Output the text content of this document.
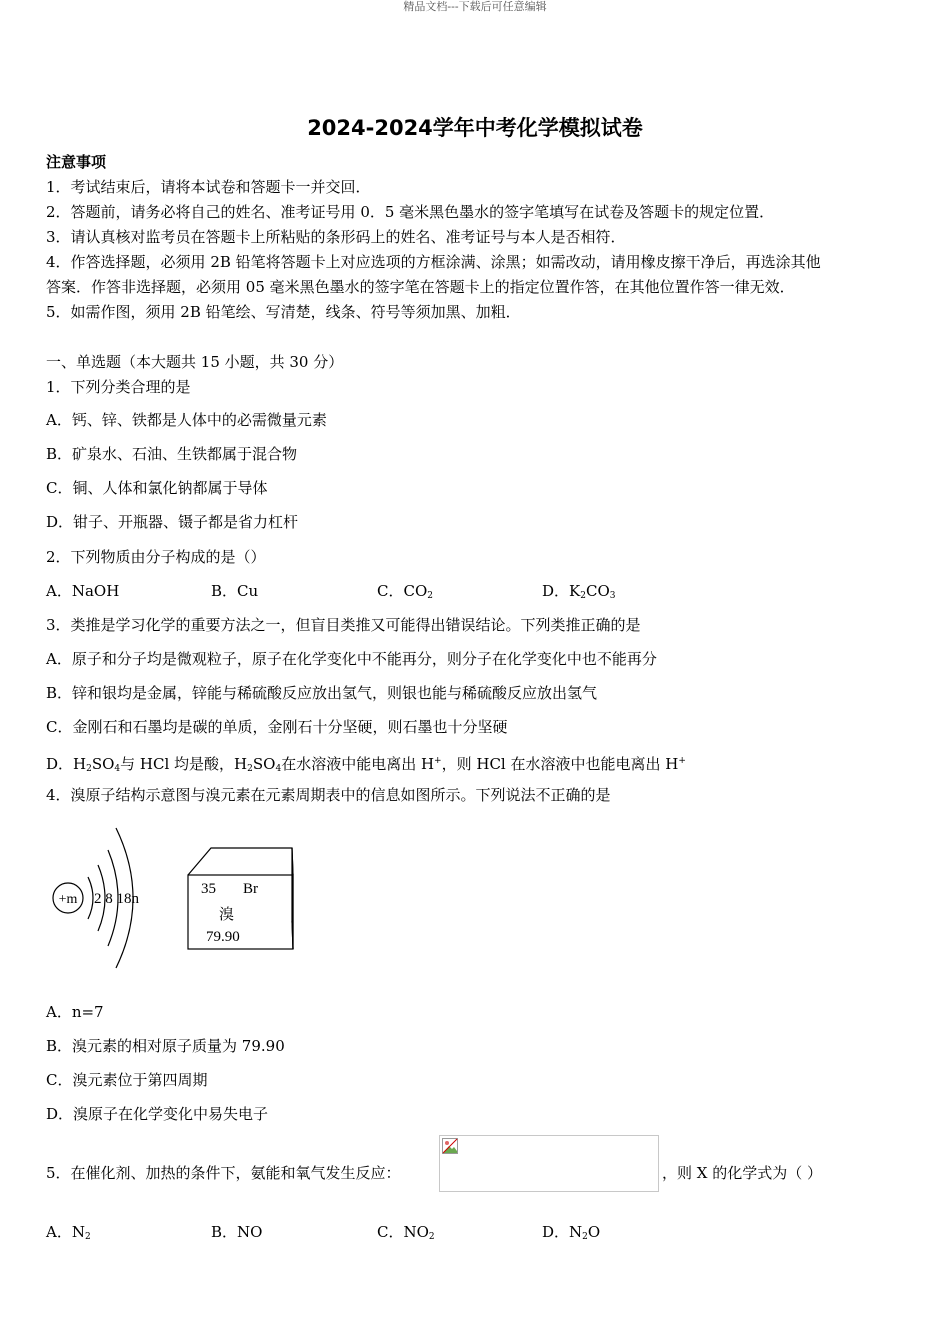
精品文档---下载后可任意编辑
2024-2024学年中考化学模拟试卷
注意事项
1．考试结束后，请将本试卷和答题卡一并交回．
2．答题前，请务必将自己的姓名、准考证号用 0．5 毫米黑色墨水的签字笔填写在试卷及答题卡的规定位置．
3．请认真核对监考员在答题卡上所粘贴的条形码上的姓名、准考证号与本人是否相符．
4．作答选择题，必须用 2B 铅笔将答题卡上对应选项的方框涂满、涂黑；如需改动，请用橡皮擦干净后，再选涂其他
答案．作答非选择题，必须用 05 毫米黑色墨水的签字笔在答题卡上的指定位置作答，在其他位置作答一律无效．
5．如需作图，须用 2B 铅笔绘、写清楚，线条、符号等须加黑、加粗．
一、单选题（本大题共 15 小题，共 30 分）
1．下列分类合理的是
A．钙、锌、铁都是人体中的必需微量元素
B．矿泉水、石油、生铁都属于混合物
C．铜、人体和氯化钠都属于导体
D．钳子、开瓶器、镊子都是省力杠杆
2．下列物质由分子构成的是（）
A．NaOH	B．Cu	C．$CO_2$	D．$K_2CO_3$
3．类推是学习化学的重要方法之一，但盲目类推又可能得出错误结论。下列类推正确的是
A．原子和分子均是微观粒子，原子在化学变化中不能再分，则分子在化学变化中也不能再分
B．锌和银均是金属，锌能与稀硫酸反应放出氢气，则银也能与稀硫酸反应放出氢气
C．金刚石和石墨均是碳的单质，金刚石十分坚硬，则石墨也十分坚硬
D．$H_2SO_4$与 HCl 均是酸，$H_2SO_4$在水溶液中能电离出 H+，则 HCl 在水溶液中也能电离出 H+
4．溴原子结构示意图与溴元素在元素周期表中的信息如图所示。下列说法不正确的是
+m 2 8 18n
35 Br
溴
79.90
A．n=7
B．溴元素的相对原子质量为 79.90
C．溴元素位于第四周期
D．溴原子在化学变化中易失电子
5．在催化剂、加热的条件下，氨能和氧气发生反应：	，则 X 的化学式为（ ）
A．$N_2$	B．NO	C．$NO_2$	D．$N_2O$
